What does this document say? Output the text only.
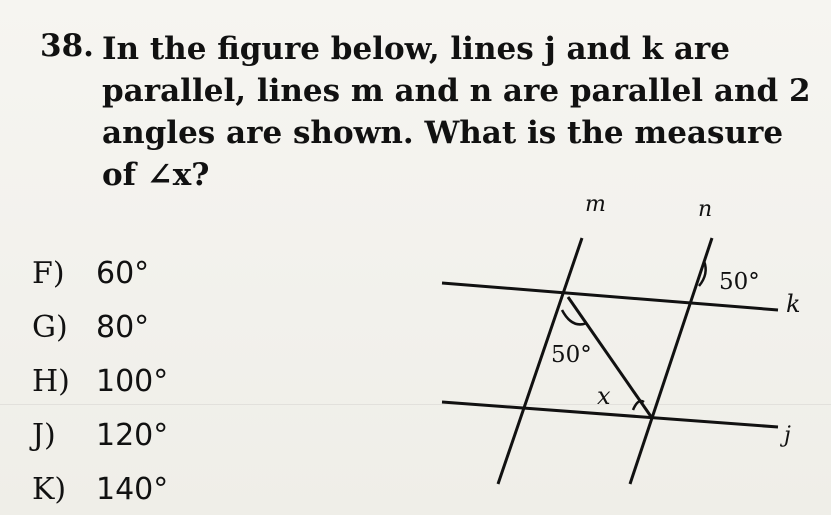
38. In the figure below, lines j and k are
parallel, lines m and n are parallel and 2
angles are shown. What is the measure
of ∠x?
F)	60°
G) 80°
H) 100°
J)	120°
K) 140°
m	n
k
j
50°
50°
x
